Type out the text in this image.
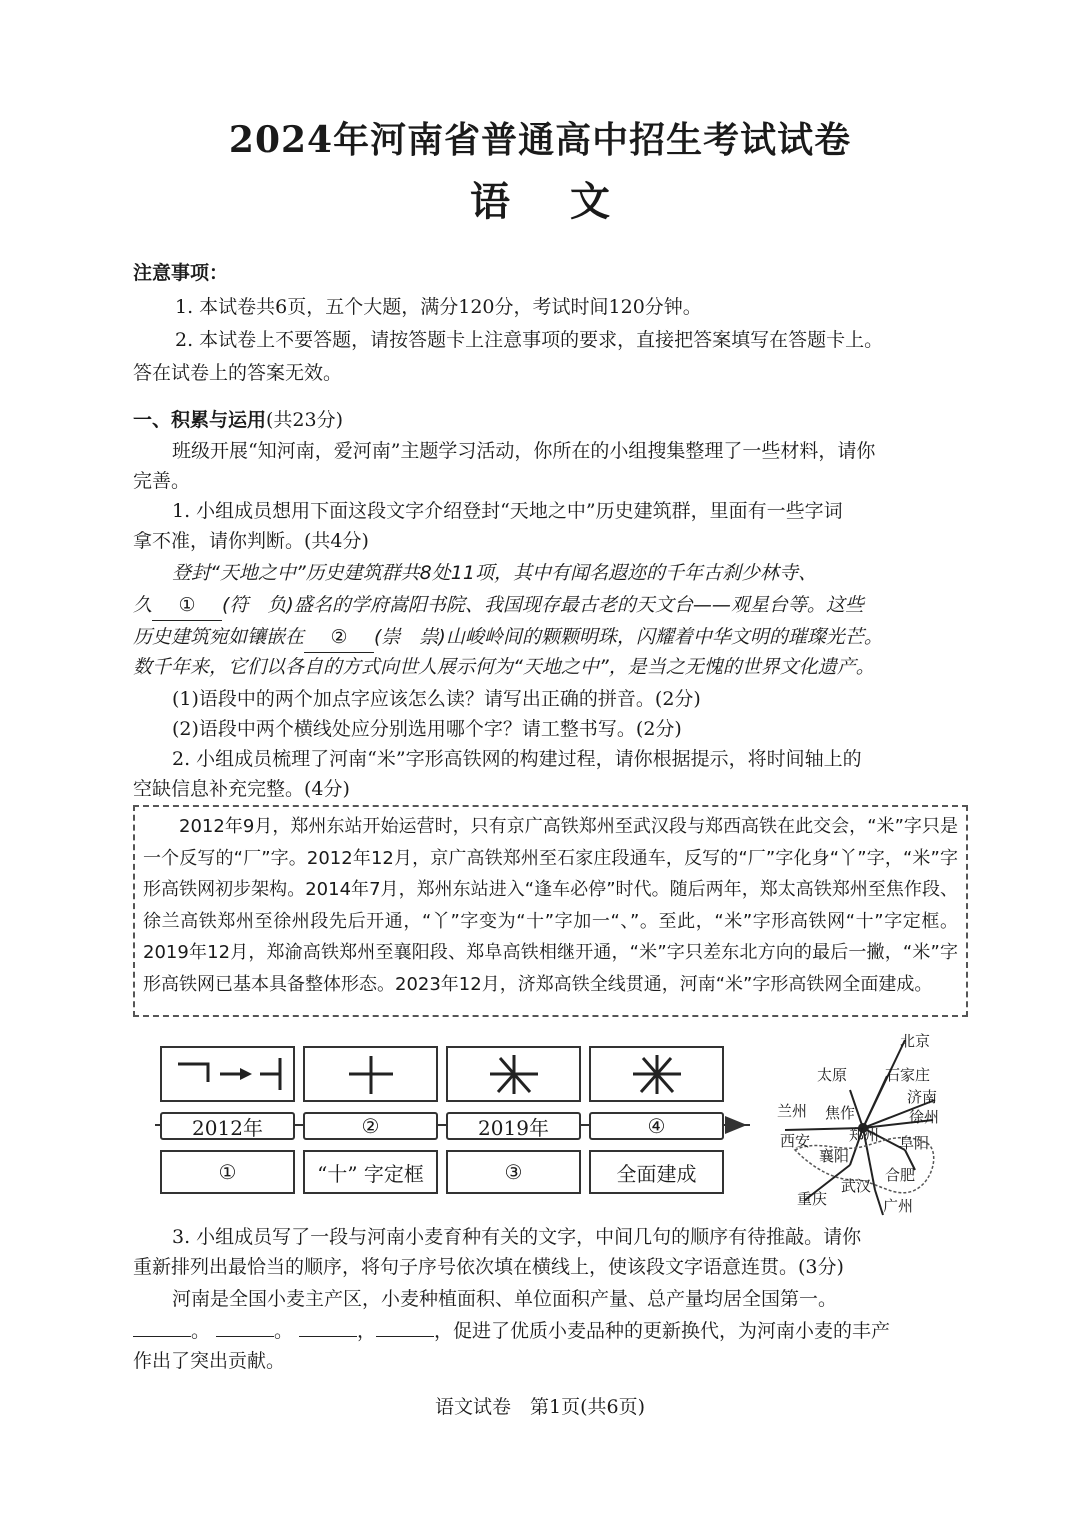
2024年河南省普通高中招生考试试卷
语文
注意事项：
1. 本试卷共6页，五个大题，满分120分，考试时间120分钟。
2. 本试卷上不要答题，请按答题卡上注意事项的要求，直接把答案填写在答题卡上。
答在试卷上的答案无效。
一、积累与运用(共23分)
班级开展“知河南，爱河南”主题学习活动，你所在的小组搜集整理了一些材料，请你
完善。
1. 小组成员想用下面这段文字介绍登封“天地之中”历史建筑群，里面有一些字词
拿不准，请你判断。(共4分)
登封“天地之中”历史建筑群共8处11项，其中有闻名遐迩的千年古刹少林寺、
久 ① (符　负)盛名的学府嵩阳书院、我国现存最古老的天文台——观星台等。这些
历史建筑宛如镶嵌在 ② (崇　祟)山峻岭间的颗颗明珠，闪耀着中华文明的璀璨光芒。
数千年来，它们以各自的方式向世人展示何为“天地之中”，是当之无愧的世界文化遗产。
(1)语段中的两个加点字应该怎么读？请写出正确的拼音。(2分)
(2)语段中两个横线处应分别选用哪个字？请工整书写。(2分)
2. 小组成员梳理了河南“米”字形高铁网的构建过程，请你根据提示，将时间轴上的
空缺信息补充完整。(4分)
2012年9月，郑州东站开始运营时，只有京广高铁郑州至武汉段与郑西高铁在此交会，“米”字只是一个反写的“厂”字。2012年12月，京广高铁郑州至石家庄段通车，反写的“厂”字化身“丫”字，“米”字形高铁网初步架构。2014年7月，郑州东站进入“逢车必停”时代。随后两年，郑太高铁郑州至焦作段、徐兰高铁郑州至徐州段先后开通，“丫”字变为“十”字加一“、”。至此，“米”字形高铁网“十”字定框。2019年12月，郑渝高铁郑州至襄阳段、郑阜高铁相继开通，“米”字只差东北方向的最后一撇，“米”字形高铁网已基本具备整体形态。2023年12月，济郑高铁全线贯通，河南“米”字形高铁网全面建成。
2012年	②	2019年	④
①	“十” 字定框	③	全面建成
北京
太原	石家庄
济南
兰州 焦作	徐州
西安	郑州 阜阳
襄阳
合肥
武汉
重庆	广州
3. 小组成员写了一段与河南小麦育种有关的文字，中间几句的顺序有待推敲。请你
重新排列出最恰当的顺序，将句子序号依次填在横线上，使该段文字语意连贯。(3分)
河南是全国小麦主产区，小麦种植面积、单位面积产量、总产量均居全国第一。
。	。	，	，促进了优质小麦品种的更新换代，为河南小麦的丰产
作出了突出贡献。
语文试卷　第1页(共6页)
